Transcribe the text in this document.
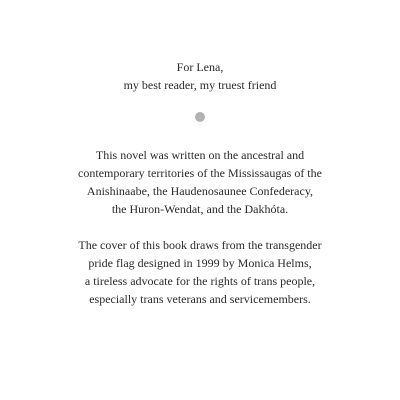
For Lena,

my best reader, my truest friend

This novel was written on the ancestral and

contemporary territories of the Mississaugas of the

Anishinaabe, the Haudenosaunee Confederacy,

the Huron-Wendat, and the Dakhóta.

The cover of this book draws from the transgender

pride flag designed in 1999 by Monica Helms,

a tireless advocate for the rights of trans people,

especially trans veterans and servicemembers.
